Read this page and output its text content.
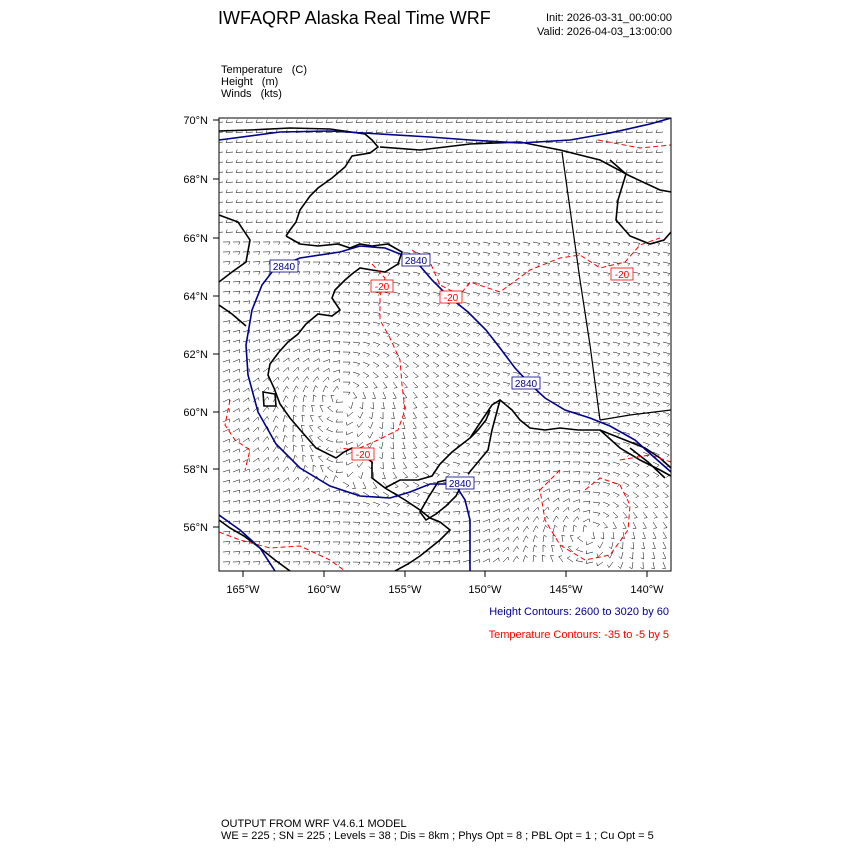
IWFAQRP Alaska Real Time WRF	Init: 2026-03-31_00:00:00
Valid: 2026-04-03_13:00:00
Temperature (C)
Height (m)
Winds (kts)
2840
2840
2840
2840
-20
-20
-20
-20
70°N
68°N
66°N
64°N
62°N
60°N
58°N
56°N
165°W	160°W	155°W	150°W	145°W	140°W
Height Contours: 2600 to 3020 by 60
Temperature Contours: -35 to -5 by 5
OUTPUT FROM WRF V4.6.1 MODEL
WE = 225 ; SN = 225 ; Levels = 38 ; Dis = 8km ; Phys Opt = 8 ; PBL Opt = 1 ; Cu Opt = 5
